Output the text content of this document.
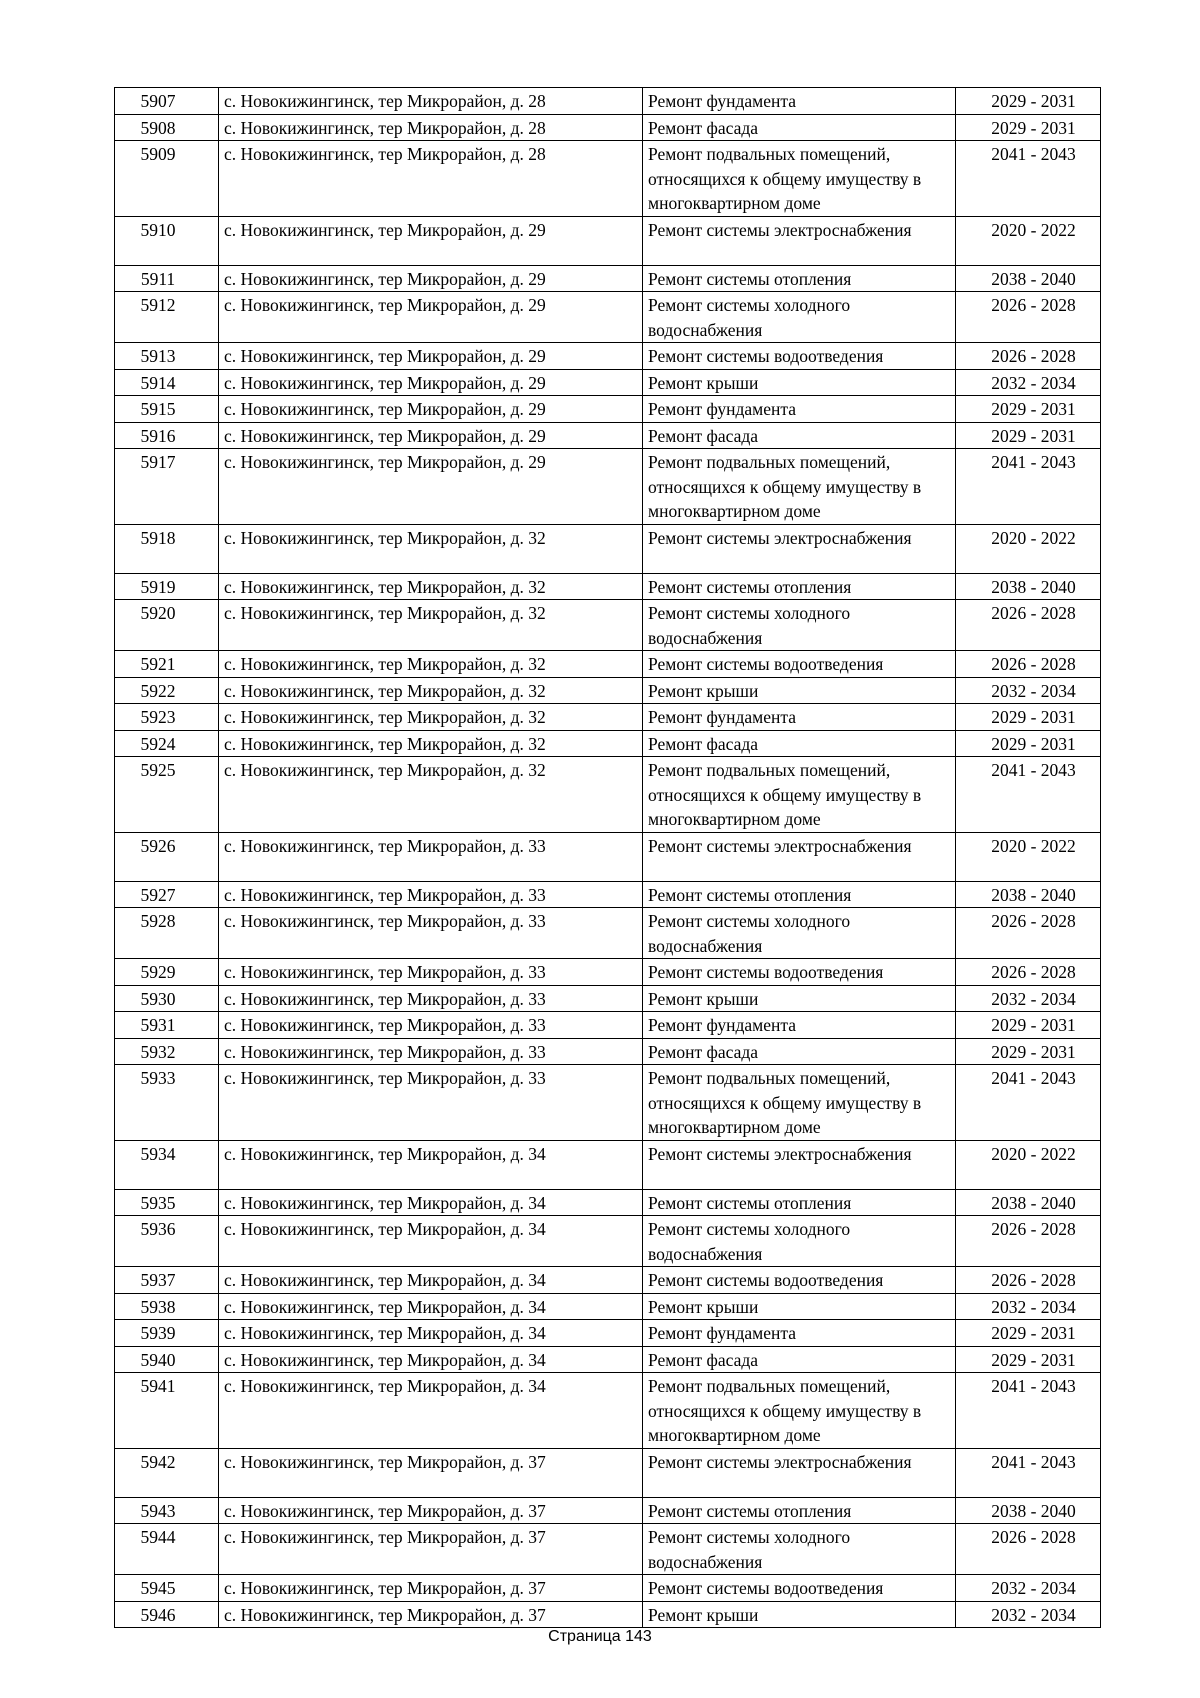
5907	с. Новокижингинск, тер Микрорайон, д. 28	Ремонт фундамента	2029 - 2031
5908	с. Новокижингинск, тер Микрорайон, д. 28	Ремонт фасада	2029 - 2031
5909	с. Новокижингинск, тер Микрорайон, д. 28	Ремонт подвальных помещений, относящихся к общему имуществу в многоквартирном доме	2041 - 2043
5910	с. Новокижингинск, тер Микрорайон, д. 29	Ремонт системы электроснабжения	2020 - 2022
5911	с. Новокижингинск, тер Микрорайон, д. 29	Ремонт системы отопления	2038 - 2040
5912	с. Новокижингинск, тер Микрорайон, д. 29	Ремонт системы холодного водоснабжения	2026 - 2028
5913	с. Новокижингинск, тер Микрорайон, д. 29	Ремонт системы водоотведения	2026 - 2028
5914	с. Новокижингинск, тер Микрорайон, д. 29	Ремонт крыши	2032 - 2034
5915	с. Новокижингинск, тер Микрорайон, д. 29	Ремонт фундамента	2029 - 2031
5916	с. Новокижингинск, тер Микрорайон, д. 29	Ремонт фасада	2029 - 2031
5917	с. Новокижингинск, тер Микрорайон, д. 29	Ремонт подвальных помещений, относящихся к общему имуществу в многоквартирном доме	2041 - 2043
5918	с. Новокижингинск, тер Микрорайон, д. 32	Ремонт системы электроснабжения	2020 - 2022
5919	с. Новокижингинск, тер Микрорайон, д. 32	Ремонт системы отопления	2038 - 2040
5920	с. Новокижингинск, тер Микрорайон, д. 32	Ремонт системы холодного водоснабжения	2026 - 2028
5921	с. Новокижингинск, тер Микрорайон, д. 32	Ремонт системы водоотведения	2026 - 2028
5922	с. Новокижингинск, тер Микрорайон, д. 32	Ремонт крыши	2032 - 2034
5923	с. Новокижингинск, тер Микрорайон, д. 32	Ремонт фундамента	2029 - 2031
5924	с. Новокижингинск, тер Микрорайон, д. 32	Ремонт фасада	2029 - 2031
5925	с. Новокижингинск, тер Микрорайон, д. 32	Ремонт подвальных помещений, относящихся к общему имуществу в многоквартирном доме	2041 - 2043
5926	с. Новокижингинск, тер Микрорайон, д. 33	Ремонт системы электроснабжения	2020 - 2022
5927	с. Новокижингинск, тер Микрорайон, д. 33	Ремонт системы отопления	2038 - 2040
5928	с. Новокижингинск, тер Микрорайон, д. 33	Ремонт системы холодного водоснабжения	2026 - 2028
5929	с. Новокижингинск, тер Микрорайон, д. 33	Ремонт системы водоотведения	2026 - 2028
5930	с. Новокижингинск, тер Микрорайон, д. 33	Ремонт крыши	2032 - 2034
5931	с. Новокижингинск, тер Микрорайон, д. 33	Ремонт фундамента	2029 - 2031
5932	с. Новокижингинск, тер Микрорайон, д. 33	Ремонт фасада	2029 - 2031
5933	с. Новокижингинск, тер Микрорайон, д. 33	Ремонт подвальных помещений, относящихся к общему имуществу в многоквартирном доме	2041 - 2043
5934	с. Новокижингинск, тер Микрорайон, д. 34	Ремонт системы электроснабжения	2020 - 2022
5935	с. Новокижингинск, тер Микрорайон, д. 34	Ремонт системы отопления	2038 - 2040
5936	с. Новокижингинск, тер Микрорайон, д. 34	Ремонт системы холодного водоснабжения	2026 - 2028
5937	с. Новокижингинск, тер Микрорайон, д. 34	Ремонт системы водоотведения	2026 - 2028
5938	с. Новокижингинск, тер Микрорайон, д. 34	Ремонт крыши	2032 - 2034
5939	с. Новокижингинск, тер Микрорайон, д. 34	Ремонт фундамента	2029 - 2031
5940	с. Новокижингинск, тер Микрорайон, д. 34	Ремонт фасада	2029 - 2031
5941	с. Новокижингинск, тер Микрорайон, д. 34	Ремонт подвальных помещений, относящихся к общему имуществу в многоквартирном доме	2041 - 2043
5942	с. Новокижингинск, тер Микрорайон, д. 37	Ремонт системы электроснабжения	2041 - 2043
5943	с. Новокижингинск, тер Микрорайон, д. 37	Ремонт системы отопления	2038 - 2040
5944	с. Новокижингинск, тер Микрорайон, д. 37	Ремонт системы холодного водоснабжения	2026 - 2028
5945	с. Новокижингинск, тер Микрорайон, д. 37	Ремонт системы водоотведения	2032 - 2034
5946	с. Новокижингинск, тер Микрорайон, д. 37	Ремонт крыши	2032 - 2034
Страница 143
